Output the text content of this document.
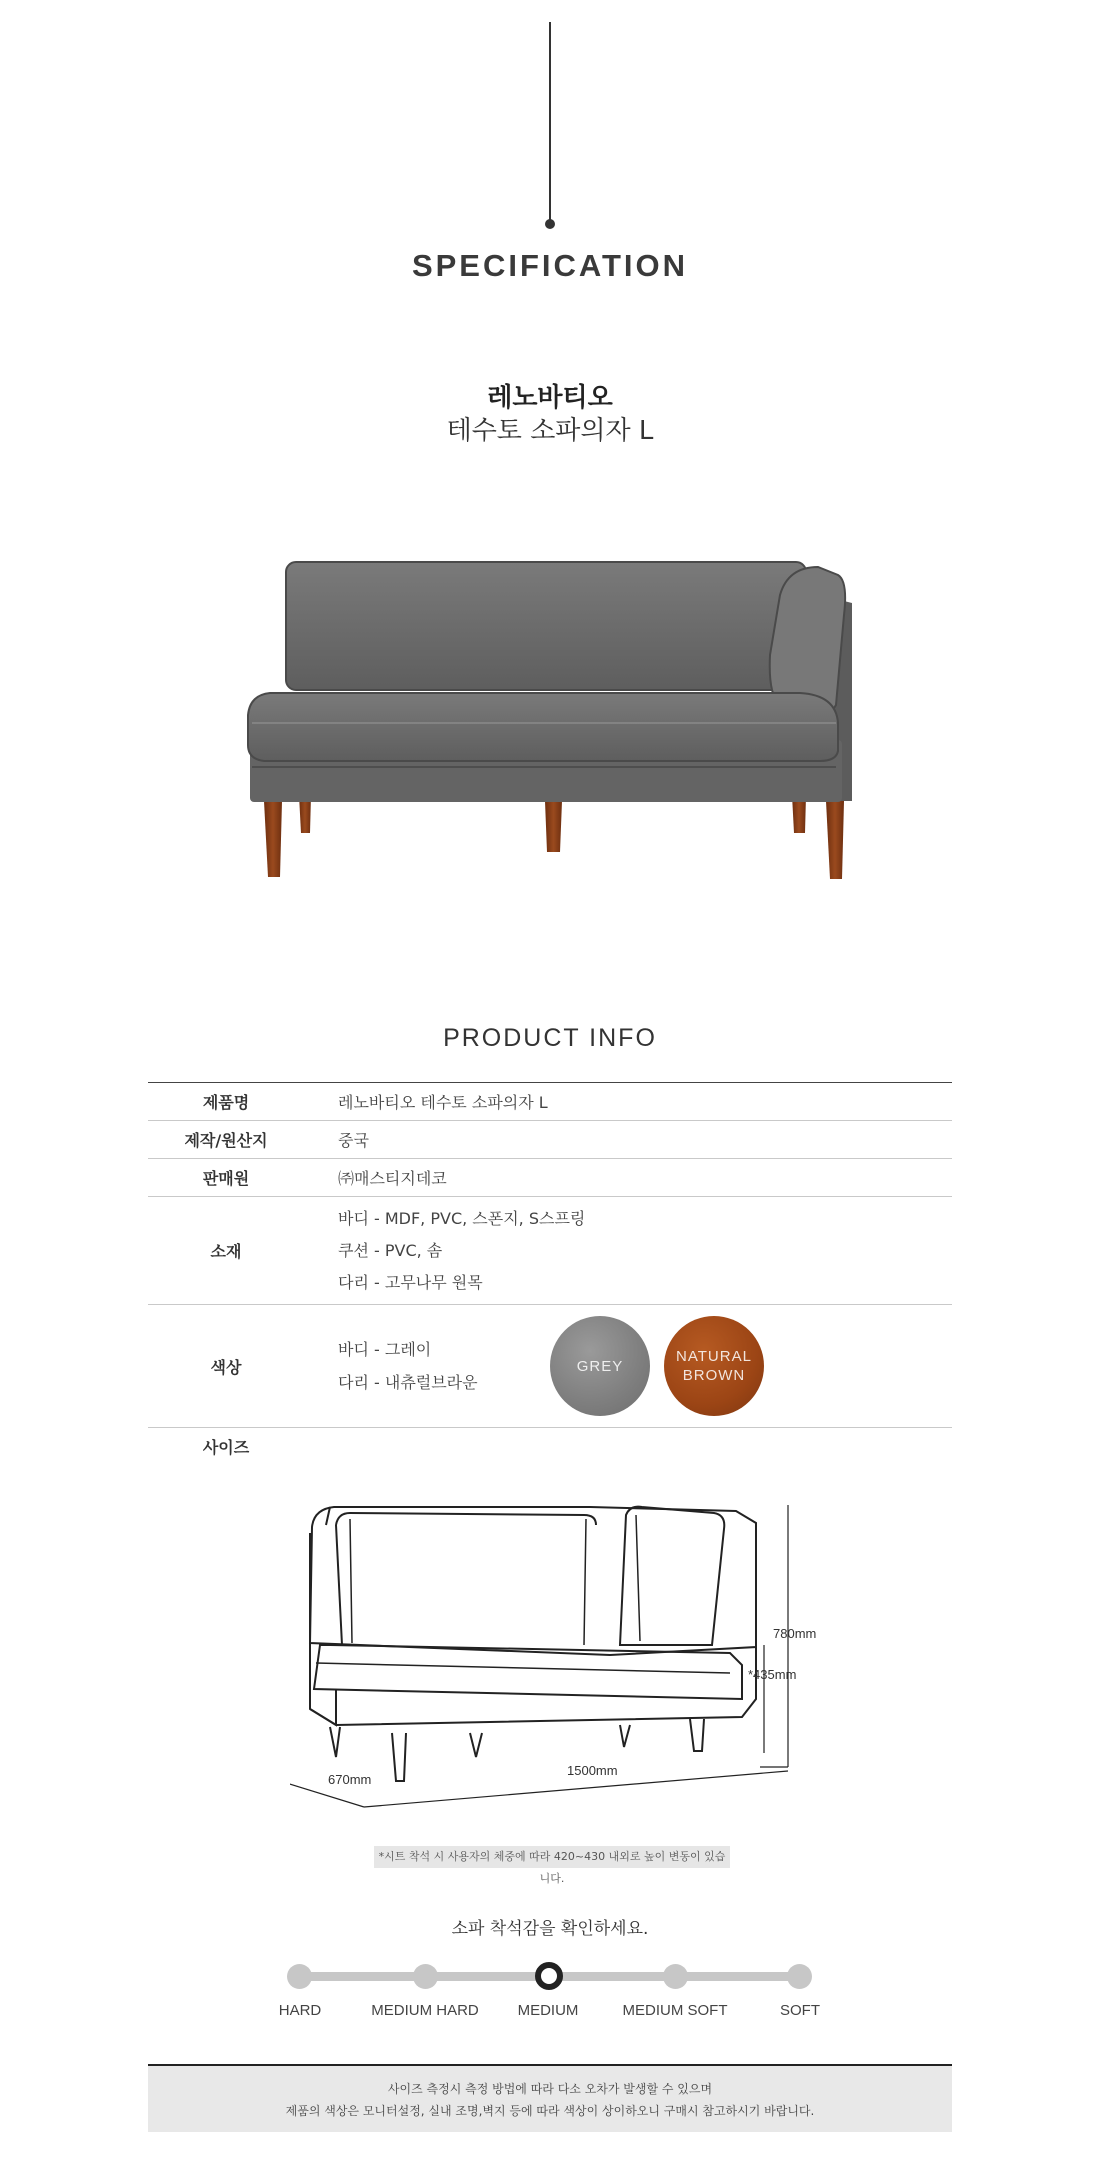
SPECIFICATION
레노바티오
테수토 소파의자 L
PRODUCT INFO
제품명	레노바티오 테수토 소파의자 L
제작/원산지	중국
판매원	㈜매스티지데코
소재	바디 - MDF, PVC, 스폰지, S스프링
쿠션 - PVC, 솜
다리 - 고무나무 원목

색상	바디 - 그레이
다리 - 내츄럴브라운
GREY
NATURAL
BROWN
사이즈
780mm
*435mm
1500mm
670mm
*시트 착석 시 사용자의 체중에 따라 420~430 내외로 높이 변동이 있습니다.
소파 착석감을 확인하세요.
HARD	MEDIUM HARD	MEDIUM	MEDIUM SOFT	SOFT
사이즈 측정시 측정 방법에 따라 다소 오차가 발생할 수 있으며
제품의 색상은 모니터설정, 실내 조명,벽지 등에 따라 색상이 상이하오니 구매시 참고하시기 바랍니다.
